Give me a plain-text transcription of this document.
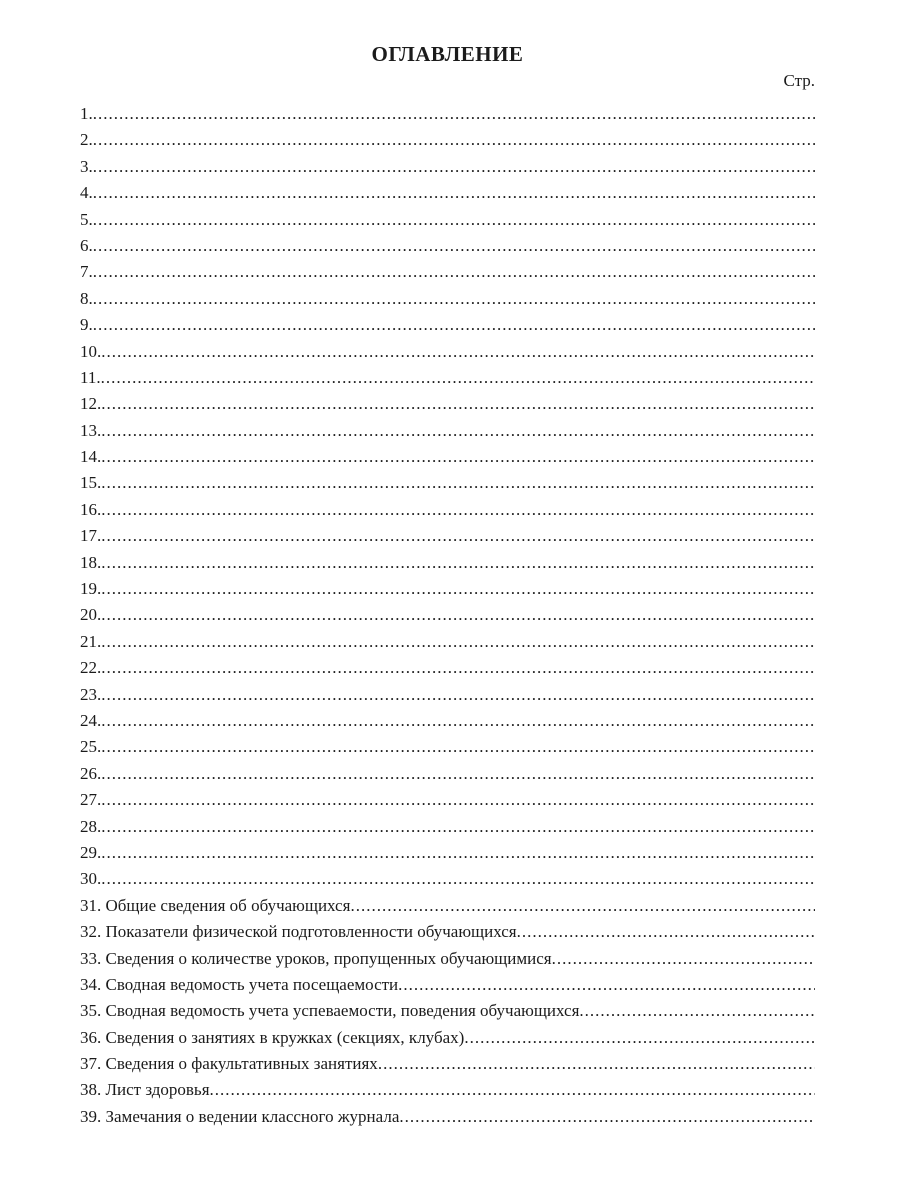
ОГЛАВЛЕНИЕ
Стр.
1.
.....
2.
.....
3.
.....
4.
.....
5.
.....
6.
.....
7.
.....
8.
.....
9.
.....
10.
.....
11.
.....
12.
.....
13.
.....
14.
.....
15.
.....
16.
.....
17.
.....
18.
.....
19.
.....
20.
.....
21.
.....
22.
.....
23.
.....
24.
.....
25.
.....
26.
.....
27.
.....
28.
.....
29.
.....
30.
.....
31. Общие сведения об обучающихся
.....
32. Показатели физической подготовленности обучающихся
.....
33. Сведения о количестве уроков, пропущенных обучающимися
.....
34. Сводная ведомость учета посещаемости
.....
35. Сводная ведомость учета успеваемости, поведения обучающихся
.....
36. Сведения о занятиях в кружках (секциях, клубах)
.....
37. Сведения о факультативных занятиях
.....
38. Лист здоровья
.....
39. Замечания о ведении классного журнала
.....
